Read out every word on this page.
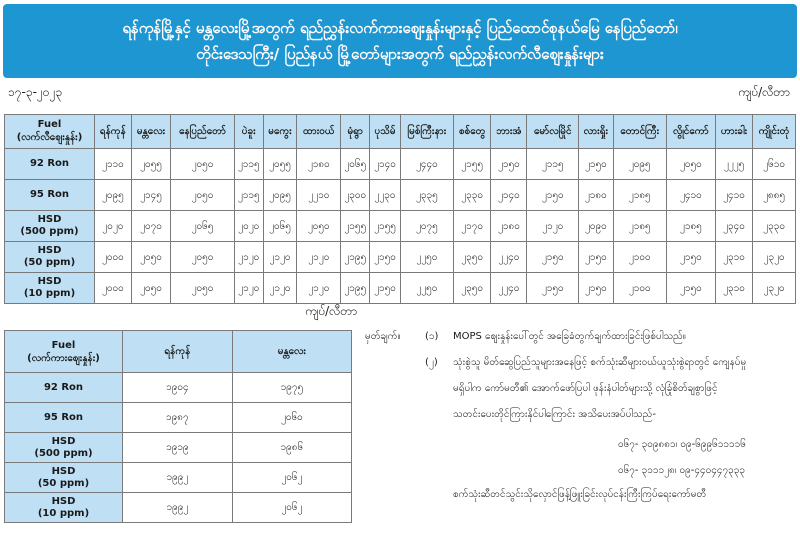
ရန်ကုန်မြို့နှင့် မန္တလေးမြို့အတွက် ရည်ညွှန်းလက်ကားဈေးနှုန်းများနှင့် ပြည်ထောင်စုနယ်မြေ နေပြည်တော်၊
တိုင်းဒေသကြီး/ ပြည်နယ် မြို့တော်များအတွက် ရည်ညွှန်းလက်လီဈေးနှုန်းများ
၁၇-၃-၂၀၂၃	ကျပ်/လီတာ
Fuel
(လက်လီဈေးနှုန်း)	ရန်ကုန်	မန္တလေး	နေပြည်တော်	ပဲခူး	မကွေး	ထားဝယ်	မုံရွာ	ပုသိမ်	မြစ်ကြီးနား	စစ်တွေ	ဘားအံ	မော်လမြိုင်	လားရှိုး	တောင်ကြီး	လွိုင်ကော်	ဟားခါး	ကျိုင်းတုံ
92 Ron	၂၁၁၀	၂၀၅၅	၂၀၅၀	၂၁၁၅	၂၀၅၅	၂၁၈၀	၂၀၆၅	၂၁၄၀	၂၄၄၀	၂၁၅၅	၂၁၅၀	၂၁၁၅	၂၁၅၀	၂၀၉၅	၂၀၅၀	၂၂၂၅	၂၆၁၀
95 Ron	၂၀၉၅	၂၁၄၅	၂၀၅၀	၂၁၁၅	၂၀၉၅	၂၂၁၀	၂၃၀၀	၂၂၃၀	၂၃၃၅	၂၃၃၀	၂၁၄၀	၂၁၅၀	၂၁၈၀	၂၁၈၅	၂၄၁၀	၂၄၁၀	၂၈၈၅
HSD
(500 ppm)	၂၀၂၀	၂၀၇၀	၂၀၆၅	၂၀၂၀	၂၀၆၅	၂၀၅၀	၂၁၅၅	၂၁၅၅	၂၀၇၅	၂၁၇၀	၂၁၈၀	၂၁၂၀	၂၀၉၀	၂၁၈၅	၂၁၈၅	၂၃၄၀	၂၃၃၀
HSD
(50 ppm)	၂၀၀၀	၂၀၅၀	၂၀၅၀	၂၁၂၀	၂၁၂၀	၂၁၂၀	၂၁၉၅	၂၁၅၀	၂၂၅၀	၂၃၅၀	၂၂၄၀	၂၁၅၀	၂၁၅၀	၂၁၀၀	၂၁၅၀	၂၃၁၀	၂၃၂၀
HSD
(10 ppm)	၂၀၀၀	၂၀၅၀	၂၀၅၀	၂၁၂၀	၂၁၂၀	၂၁၂၀	၂၁၉၅	၂၁၅၀	၂၂၅၀	၂၃၅၀	၂၂၄၀	၂၁၅၀	၂၁၅၀	၂၁၀၀	၂၁၅၀	၂၃၁၀	၂၃၂၀
ကျပ်/လီတာ
Fuel
(လက်ကားဈေးနှုန်း)	ရန်ကုန်	မန္တလေး
92 Ron	၁၉၀၄	၁၉၇၅
95 Ron	၁၉၈၇	၂၀၆၀
HSD
(500 ppm)	၁၉၁၉	၁၉၈၆
HSD
(50 ppm)	၁၉၉၂	၂၀၆၂
HSD
(10 ppm)	၁၉၉၂	၂၀၆၂
မှတ်ချက်။ (၁) MOPS ဈေးနှုန်းပေါ်တွင် အခြေခံတွက်ချက်ထားခြင်းဖြစ်ပါသည်။
(၂) သုံးစွဲသူ မိတ်ဆွေပြည်သူများအနေဖြင့် စက်သုံးဆီများဝယ်ယူသုံးစွဲရာတွင် ကျေနပ်မှု
မရှိပါက ကော်မတီ၏ အောက်ဖော်ပြပါ ဖုန်းနံပါတ်များသို့ လုံခြုံစိတ်ချစွာဖြင့်
သတင်းပေးတိုင်ကြားနိုင်ပါကြောင်း အသိပေးအပ်ပါသည်-
၀၆၇- ၃၀၉၈၈၁၊ ၀၉-၆၉၉၆၁၁၁၁၆
၀၆၇- ၃၁၁၁၂၈၊ ၀၉-၄၄၀၄၄၇၃၃၃
စက်သုံးဆီတင်သွင်းသိုလှောင်ဖြန့်ဖြူးခြင်းလုပ်ငန်းကြီးကြပ်ရေးကော်မတီ
